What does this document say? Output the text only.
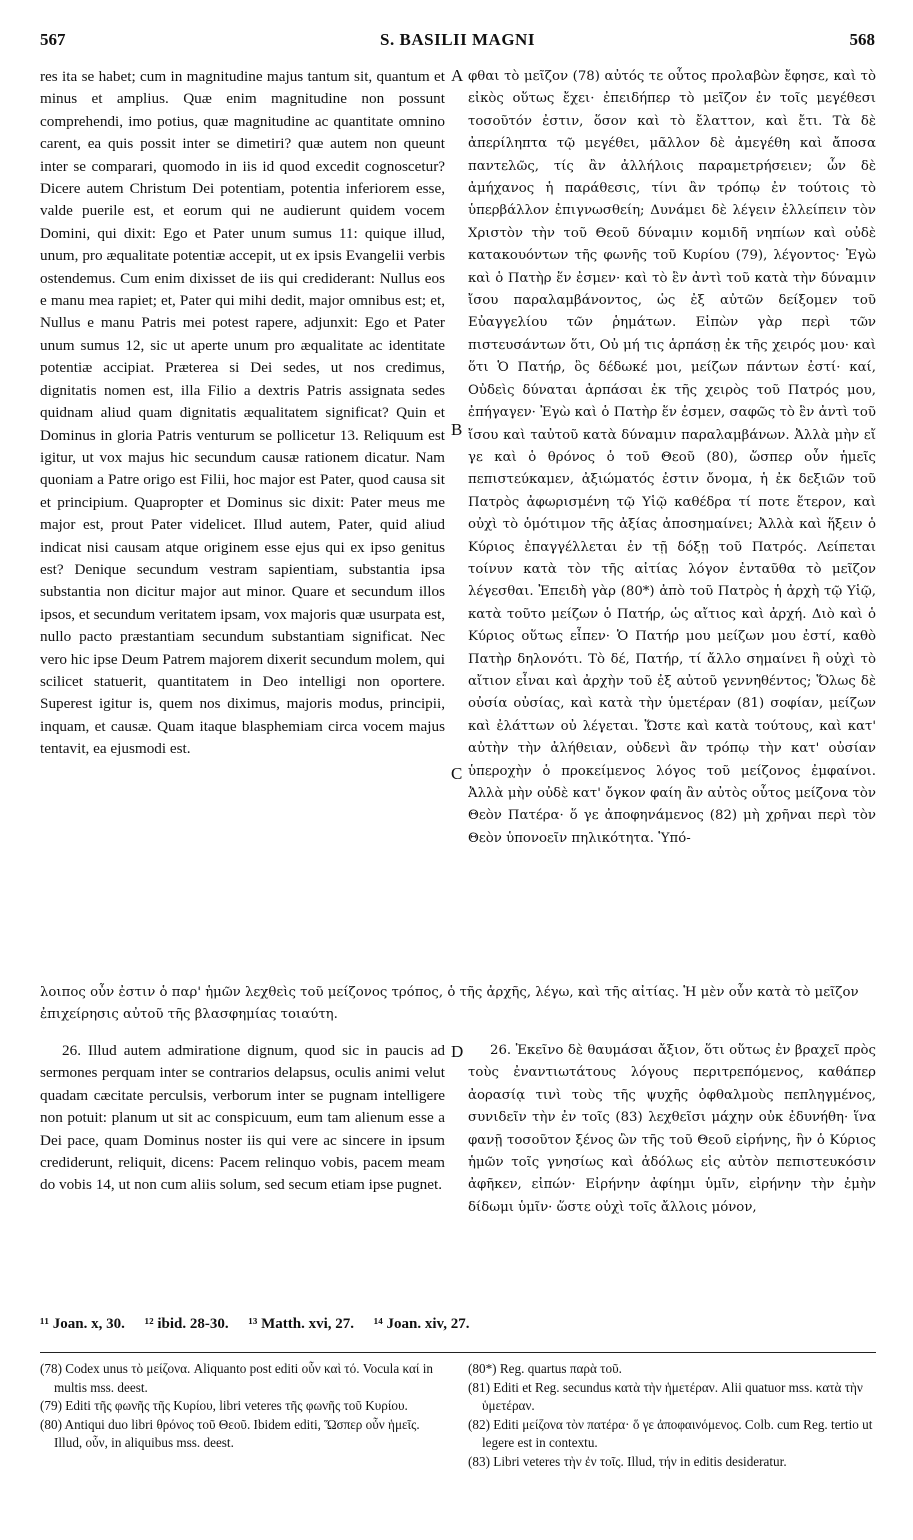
567	S. BASILII MAGNI	568

res ita se habet; cum in magnitudine majus tantum sit, quantum et minus et amplius. Quæ enim magnitudine non possunt comprehendi, imo potius, quæ magnitudine ac quantitate omnino carent, ea quis possit inter se dimetiri? quæ autem non queunt inter se comparari, quomodo in iis id quod excedit cognoscetur? Dicere autem Christum Dei potentiam, potentia inferiorem esse, valde puerile est, et eorum qui ne audierunt quidem vocem Domini, qui dixit: Ego et Pater unum sumus 11: quique illud, unum, pro æqualitate potentiæ accepit, ut ex ipsis Evangelii verbis ostendemus. Cum enim dixisset de iis qui crediderant: Nullus eos e manu mea rapiet; et, Pater qui mihi dedit, major omnibus est; et, Nullus e manu Patris mei potest rapere, adjunxit: Ego et Pater unum sumus 12, sic ut aperte unum pro æqualitate ac identitate potentiæ accipiat. Præterea si Dei sedes, ut nos credimus, dignitatis nomen est, illa Filio a dextris Patris assignata sedes quidnam aliud quam dignitatis æqualitatem significat? Quin et Dominus in gloria Patris venturum se pollicetur 13. Reliquum est igitur, ut vox majus hic secundum causæ rationem dicatur. Nam quoniam a Patre origo est Filii, hoc major est Pater, quod causa sit et principium. Quapropter et Dominus sic dixit: Pater meus me major est, prout Pater videlicet. Illud autem, Pater, quid aliud indicat nisi causam atque originem esse ejus qui ex ipso genitus est? Denique secundum vestram sapientiam, substantia ipsa substantia non dicitur major aut minor. Quare et secundum illos ipsos, et secundum veritatem ipsam, vox majoris quæ usurpata est, nullo pacto præstantiam secundum substantiam significat. Nec vero hic ipse Deum Patrem majorem dixerit secundum molem, qui scilicet statuerit, quantitatem in Deo intelligi non oportere. Superest igitur is, quem nos diximus, majoris modus, principii, inquam, et causæ. Quam itaque blasphemiam circa vocem majus tentavit, ea ejusmodi est.

φθαι τὸ μεῖζον (78) αὐτός τε οὗτος προλαβὼν ἔφησε, καὶ τὸ εἰκὸς οὕτως ἔχει· ἐπειδήπερ τὸ μεῖζον ἐν τοῖς μεγέθεσι τοσοῦτόν ἐστιν, ὅσον καὶ τὸ ἔλαττον, καὶ ἔτι. Τὰ δὲ ἀπερίληπτα τῷ μεγέθει, μᾶλλον δὲ ἀμεγέθη καὶ ἄποσα παντελῶς, τίς ἂν ἀλλήλοις παραμετρήσειεν; ὧν δὲ ἀμήχανος ἡ παράθεσις, τίνι ἂν τρόπῳ ἐν τούτοις τὸ ὑπερβάλλον ἐπιγνωσθείη; Δυνάμει δὲ λέγειν ἐλλείπειν τὸν Χριστὸν τὴν τοῦ Θεοῦ δύναμιν κομιδῆ νηπίων καὶ οὐδὲ κατακουόντων τῆς φωνῆς τοῦ Κυρίου (79), λέγοντος· Ἐγὼ καὶ ὁ Πατὴρ ἕν ἐσμεν· καὶ τὸ ἓν ἀντὶ τοῦ κατὰ τὴν δύναμιν ἴσου παραλαμβάνοντος, ὡς ἐξ αὐτῶν δείξομεν τοῦ Εὐαγγελίου τῶν ῥημάτων. Εἰπὼν γὰρ περὶ τῶν πιστευσάντων ὅτι, Οὐ μή τις ἁρπάσῃ ἐκ τῆς χειρός μου· καὶ ὅτι Ὁ Πατήρ, ὃς δέδωκέ μοι, μείζων πάντων ἐστί· καί, Οὐδεὶς δύναται ἁρπάσαι ἐκ τῆς χειρὸς τοῦ Πατρός μου, ἐπήγαγεν· Ἐγὼ καὶ ὁ Πατὴρ ἕν ἐσμεν, σαφῶς τὸ ἓν ἀντὶ τοῦ ἴσου καὶ ταὐτοῦ κατὰ δύναμιν παραλαμβάνων. Ἀλλὰ μὴν εἴ γε καὶ ὁ θρόνος ὁ τοῦ Θεοῦ (80), ὥσπερ οὖν ἡμεῖς πεπιστεύκαμεν, ἀξιώματός ἐστιν ὄνομα, ἡ ἐκ δεξιῶν τοῦ Πατρὸς ἀφωρισμένη τῷ Υἱῷ καθέδρα τί ποτε ἕτερον, καὶ οὐχὶ τὸ ὁμότιμον τῆς ἀξίας ἀποσημαίνει; Ἀλλὰ καὶ ἥξειν ὁ Κύριος ἐπαγγέλλεται ἐν τῇ δόξῃ τοῦ Πατρός. Λείπεται τοίνυν κατὰ τὸν τῆς αἰτίας λόγον ἐνταῦθα τὸ μεῖζον λέγεσθαι. Ἐπειδὴ γὰρ (80*) ἀπὸ τοῦ Πατρὸς ἡ ἀρχὴ τῷ Υἱῷ, κατὰ τοῦτο μείζων ὁ Πατήρ, ὡς αἴτιος καὶ ἀρχή. Διὸ καὶ ὁ Κύριος οὕτως εἶπεν· Ὁ Πατήρ μου μείζων μου ἐστί, καθὸ Πατὴρ δηλονότι. Τὸ δέ, Πατήρ, τί ἄλλο σημαίνει ἢ οὐχὶ τὸ αἴτιον εἶναι καὶ ἀρχὴν τοῦ ἐξ αὐτοῦ γεννηθέντος; Ὅλως δὲ οὐσία οὐσίας, καὶ κατὰ τὴν ὑμετέραν (81) σοφίαν, μείζων καὶ ἐλάττων οὐ λέγεται. Ὥστε καὶ κατὰ τούτους, καὶ κατ' αὐτὴν τὴν ἀλήθειαν, οὐδενὶ ἂν τρόπῳ τὴν κατ' οὐσίαν ὑπεροχὴν ὁ προκείμενος λόγος τοῦ μείζονος ἐμφαίνοι. Ἀλλὰ μὴν οὐδὲ κατ' ὄγκον φαίη ἂν αὐτὸς οὗτος μείζονα τὸν Θεὸν Πατέρα· ὅ γε ἀποφηνάμενος (82) μὴ χρῆναι περὶ τὸν Θεὸν ὑπονοεῖν πηλικότητα. Ὑπό-

A
B
C
D
λοιπος οὖν ἐστιν ὁ παρ' ἡμῶν λεχθεὶς τοῦ μείζονος τρόπος, ὁ τῆς ἀρχῆς, λέγω, καὶ τῆς αἰτίας. Ἡ μὲν οὖν κατὰ τὸ μεῖζον ἐπιχείρησις αὐτοῦ τῆς βλασφημίας τοιαύτη.

26. Illud autem admiratione dignum, quod sic in paucis ad sermones perquam inter se contrarios delapsus, oculis animi velut quadam cæcitate perculsis, verborum inter se pugnam intelligere non potuit: planum ut sit ac conspicuum, eum tam alienum esse a Dei pace, quam Dominus noster iis qui vere ac sincere in ipsum crediderunt, reliquit, dicens: Pacem relinquo vobis, pacem meam do vobis 14, ut non cum aliis solum, sed secum etiam ipse pugnet.

26. Ἐκεῖνο δὲ θαυμάσαι ἄξιον, ὅτι οὕτως ἐν βραχεῖ πρὸς τοὺς ἐναντιωτάτους λόγους περιτρεπόμενος, καθάπερ ἀορασίᾳ τινὶ τοὺς τῆς ψυχῆς ὀφθαλμοὺς πεπληγμένος, συνιδεῖν τὴν ἐν τοῖς (83) λεχθεῖσι μάχην οὐκ ἐδυνήθη· ἵνα φανῇ τοσοῦτον ξένος ὢν τῆς τοῦ Θεοῦ εἰρήνης, ἣν ὁ Κύριος ἡμῶν τοῖς γνησίως καὶ ἀδόλως εἰς αὐτὸν πεπιστευκόσιν ἀφῆκεν, εἰπών· Εἰρήνην ἀφίημι ὑμῖν, εἰρήνην τὴν ἐμὴν δίδωμι ὑμῖν· ὥστε οὐχὶ τοῖς ἄλλοις μόνον,

¹¹ Joan. x, 30. ¹² ibid. 28-30. ¹³ Matth. xvi, 27. ¹⁴ Joan. xiv, 27.

(78) Codex unus τὸ μείζονα. Aliquanto post editi οὗν καὶ τό. Vocula καί in multis mss. deest.

(79) Editi τῆς φωνῆς τῆς Κυρίου, libri veteres τῆς φωνῆς τοῦ Κυρίου.

(80) Antiqui duo libri θρόνος τοῦ Θεοῦ. Ibidem editi, Ὥσπερ οὖν ἡμεῖς. Illud, οὖν, in aliquibus mss. deest.

(80*) Reg. quartus παρὰ τοῦ.

(81) Editi et Reg. secundus κατὰ τὴν ἡμετέραν. Alii quatuor mss. κατὰ τὴν ὑμετέραν.

(82) Editi μείζονα τὸν πατέρα· ὅ γε ἀποφαινόμενος. Colb. cum Reg. tertio ut legere est in contextu.

(83) Libri veteres τὴν ἐν τοῖς. Illud, τήν in editis desideratur.
